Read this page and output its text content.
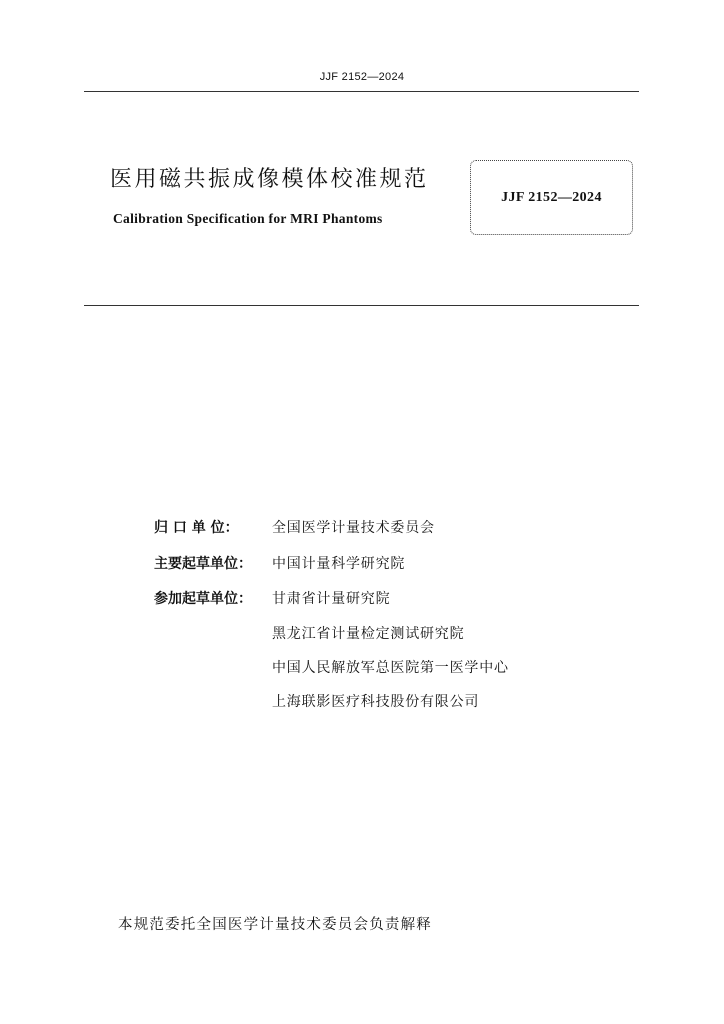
JJF 2152—2024
医用磁共振成像模体校准规范
Calibration Specification for MRI Phantoms
JJF 2152—2024
归 口 单 位：	全国医学计量技术委员会
主要起草单位：	中国计量科学研究院
参加起草单位：	甘肃省计量研究院
黑龙江省计量检定测试研究院
中国人民解放军总医院第一医学中心
上海联影医疗科技股份有限公司
本规范委托全国医学计量技术委员会负责解释
